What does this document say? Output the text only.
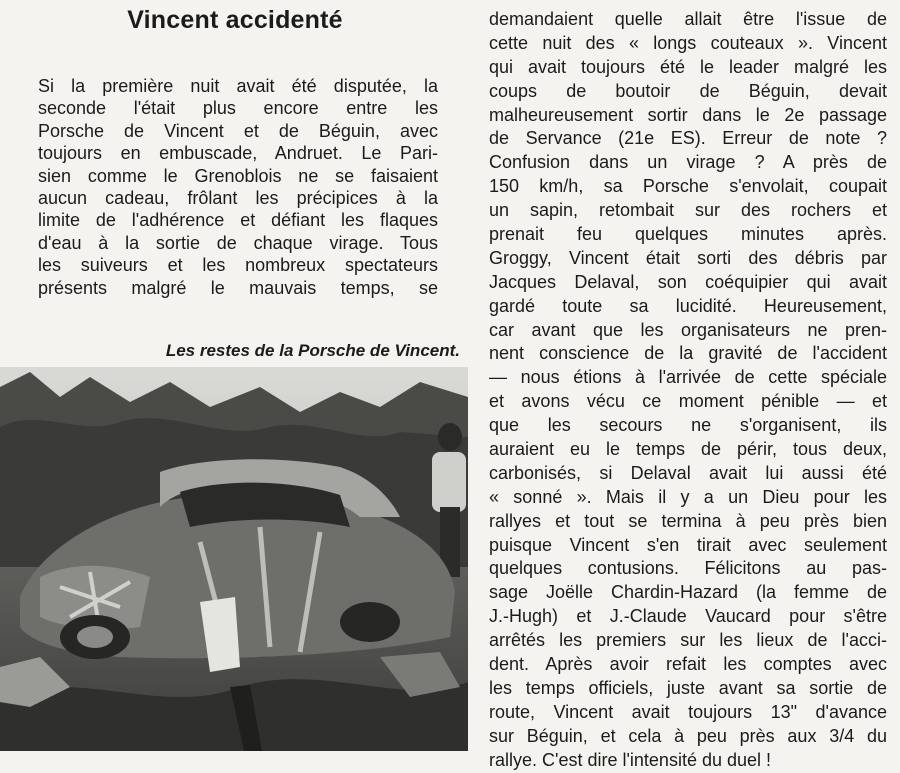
Vincent accidenté
Si la première nuit avait été disputée, la
seconde l'était plus encore entre les
Porsche de Vincent et de Béguin, avec
toujours en embuscade, Andruet. Le Pari-
sien comme le Grenoblois ne se faisaient
aucun cadeau, frôlant les précipices à la
limite de l'adhérence et défiant les flaques
d'eau à la sortie de chaque virage. Tous
les suiveurs et les nombreux spectateurs
présents malgré le mauvais temps, se
Les restes de la Porsche de Vincent.
demandaient quelle allait être l'issue de
cette nuit des « longs couteaux ». Vincent
qui avait toujours été le leader malgré les
coups de boutoir de Béguin, devait
malheureusement sortir dans le 2e passage
de Servance (21e ES). Erreur de note ?
Confusion dans un virage ? A près de
150 km/h, sa Porsche s'envolait, coupait
un sapin, retombait sur des rochers et
prenait feu quelques minutes après.
Groggy, Vincent était sorti des débris par
Jacques Delaval, son coéquipier qui avait
gardé toute sa lucidité. Heureusement,
car avant que les organisateurs ne pren-
nent conscience de la gravité de l'accident
— nous étions à l'arrivée de cette spéciale
et avons vécu ce moment pénible — et
que les secours ne s'organisent, ils
auraient eu le temps de périr, tous deux,
carbonisés, si Delaval avait lui aussi été
« sonné ». Mais il y a un Dieu pour les
rallyes et tout se termina à peu près bien
puisque Vincent s'en tirait avec seulement
quelques contusions. Félicitons au pas-
sage Joëlle Chardin-Hazard (la femme de
J.-Hugh) et J.-Claude Vaucard pour s'être
arrêtés les premiers sur les lieux de l'acci-
dent. Après avoir refait les comptes avec
les temps officiels, juste avant sa sortie de
route, Vincent avait toujours 13" d'avance
sur Béguin, et cela à peu près aux 3/4 du
rallye. C'est dire l'intensité du duel !
